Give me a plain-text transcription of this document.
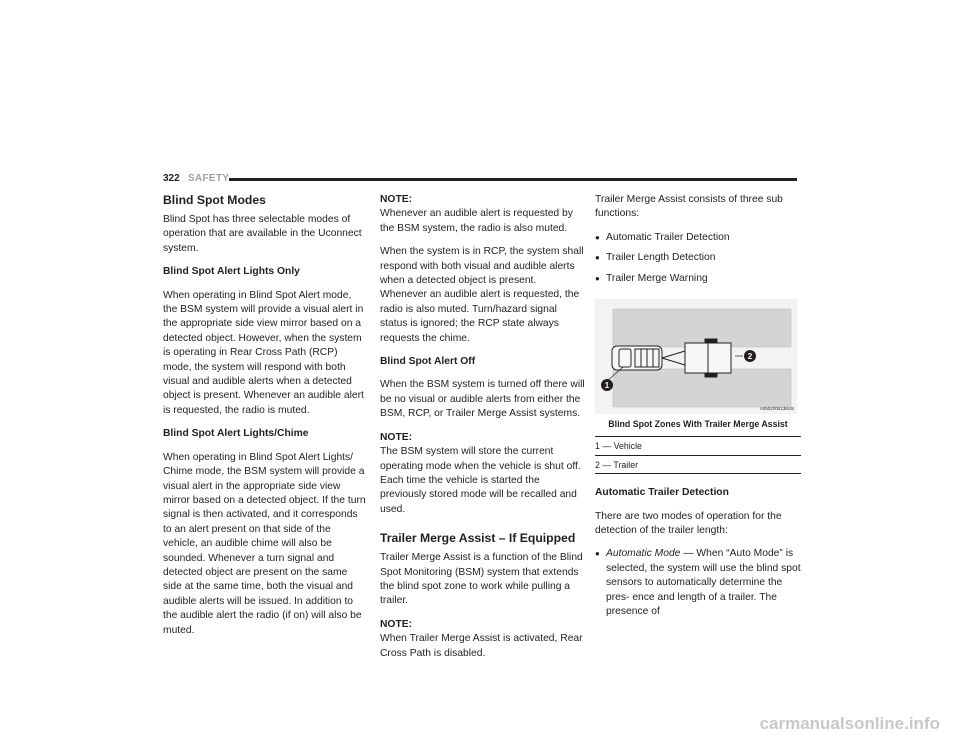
322 SAFETY
Blind Spot Modes

Blind Spot has three selectable modes of operation that are available in the Uconnect system.

Blind Spot Alert Lights Only

When operating in Blind Spot Alert mode, the BSM system will provide a visual alert in the appropriate side view mirror based on a detected object. However, when the system is operating in Rear Cross Path (RCP) mode, the system will respond with both visual and audible alerts when a detected object is present. Whenever an audible alert is requested, the radio is muted.

Blind Spot Alert Lights/Chime

When operating in Blind Spot Alert Lights/ Chime mode, the BSM system will provide a visual alert in the appropriate side view mirror based on a detected object. If the turn signal is then activated, and it corresponds to an alert present on that side of the vehicle, an audible chime will also be sounded. Whenever a turn signal and detected object are present on the same side at the same time, both the visual and audible alerts will be issued. In addition to the audible alert the radio (if on) will also be muted.

NOTE:
Whenever an audible alert is requested by the BSM system, the radio is also muted.

When the system is in RCP, the system shall respond with both visual and audible alerts when a detected object is present. Whenever an audible alert is requested, the radio is also muted. Turn/hazard signal status is ignored; the RCP state always requests the chime.

Blind Spot Alert Off

When the BSM system is turned off there will be no visual or audible alerts from either the BSM, RCP, or Trailer Merge Assist systems.

NOTE:
The BSM system will store the current operating mode when the vehicle is shut off. Each time the vehicle is started the previously stored mode will be recalled and used.

Trailer Merge Assist – If Equipped

Trailer Merge Assist is a function of the Blind Spot Monitoring (BSM) system that extends the blind spot zone to work while pulling a trailer.

NOTE:
When Trailer Merge Assist is activated, Rear Cross Path is disabled.

Trailer Merge Assist consists of three sub functions:

● Automatic Trailer Detection
● Trailer Length Detection
● Trailer Merge Warning
2
1
A0502000136US
Blind Spot Zones With Trailer Merge Assist
1 — Vehicle
2 — Trailer

Automatic Trailer Detection

There are two modes of operation for the detection of the trailer length:

● Automatic Mode — When “Auto Mode” is selected, the system will use the blind spot sensors to automatically determine the pres- ence and length of a trailer. The presence of
carmanualsonline.info
